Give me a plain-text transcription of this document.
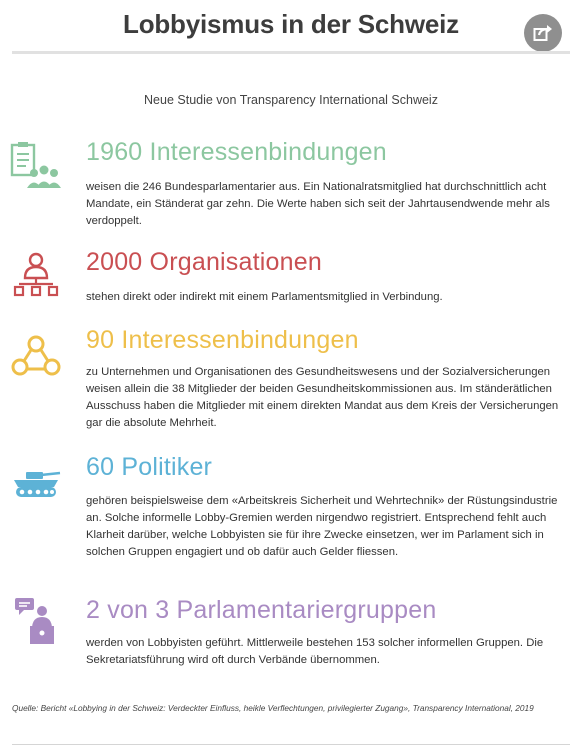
Lobbyismus in der Schweiz
Neue Studie von Transparency International Schweiz
1960 Interessenbindungen
weisen die 246 Bundesparlamentarier aus. Ein Nationalratsmitglied hat durchschnittlich acht Mandate, ein Ständerat gar zehn. Die Werte haben sich seit der Jahrtausendwende mehr als verdoppelt.
2000 Organisationen
stehen direkt oder indirekt mit einem Parlamentsmitglied in Verbindung.
90 Interessenbindungen
zu Unternehmen und Organisationen des Gesundheitswesens und der Sozialversicherungen weisen allein die 38 Mitglieder der beiden Gesundheitskommissionen aus. Im ständerätlichen Ausschuss haben die Mitglieder mit einem direkten Mandat aus dem Kreis der Versicherungen gar die absolute Mehrheit.
60 Politiker
gehören beispielsweise dem «Arbeitskreis Sicherheit und Wehrtechnik» der Rüstungsindustrie an. Solche informelle Lobby-Gremien werden nirgendwo registriert. Entsprechend fehlt auch Klarheit darüber, welche Lobbyisten sie für ihre Zwecke einsetzen, wer im Parlament sich in solchen Gruppen engagiert und ob dafür auch Gelder fliessen.
2 von 3 Parlamentariergruppen
werden von Lobbyisten geführt. Mittlerweile bestehen 153 solcher informellen Gruppen. Die Sekretariatsführung wird oft durch Verbände übernommen.
Quelle: Bericht «Lobbying in der Schweiz: Verdeckter Einfluss, heikle Verflechtungen, privilegierter Zugang», Transparency International, 2019
